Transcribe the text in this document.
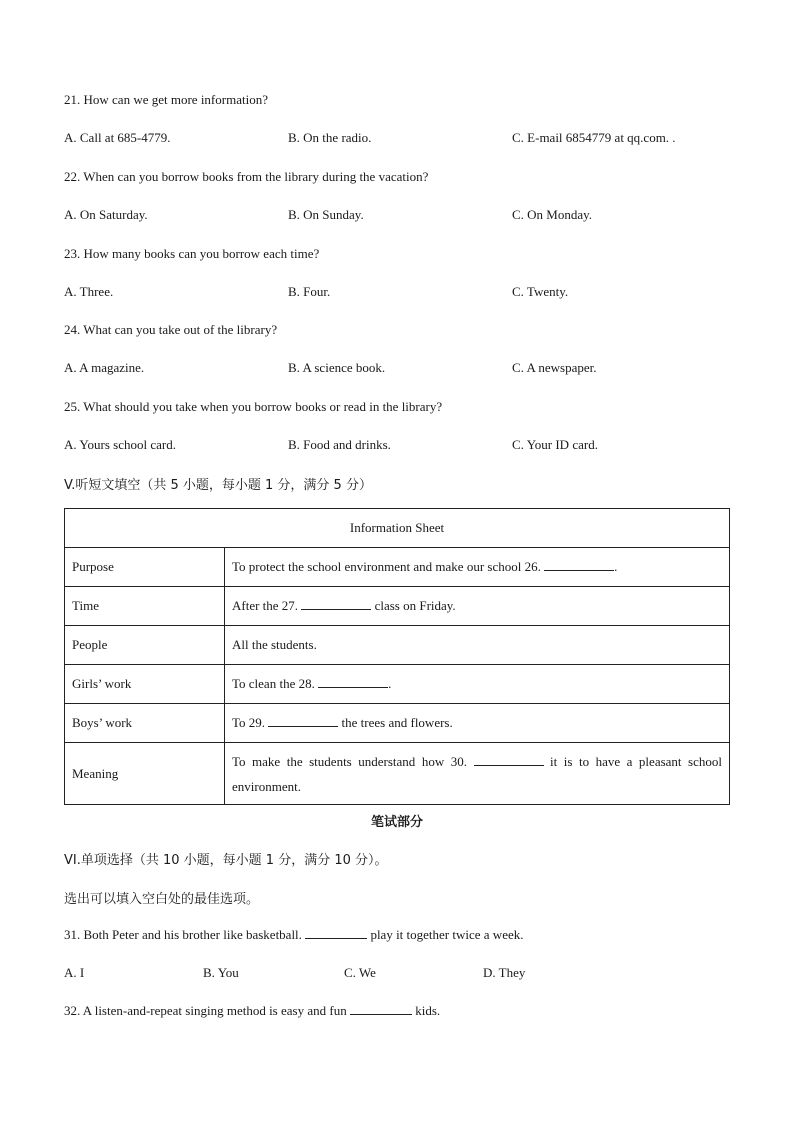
21. How can we get more information?
A. Call at 685-4779.	B. On the radio.	C. E-mail 6854779 at qq.com. .
22. When can you borrow books from the library during the vacation?
A. On Saturday.	B. On Sunday.	C. On Monday.
23. How many books can you borrow each time?
A. Three.	B. Four.	C. Twenty.
24. What can you take out of the library?
A. A magazine.	B. A science book.	C. A newspaper.
25. What should you take when you borrow books or read in the library?
A. Yours school card.	B. Food and drinks.	C. Your ID card.
V.听短文填空（共 5 小题，每小题 1 分，满分 5 分）
Information Sheet	
Purpose	To protect the school environment and make our school 26. .
Time	After the 27. class on Friday.
People	All the students.
Girls’ work	To clean the 28. .
Boys’ work	To 29. the trees and flowers.
Meaning	To make the students understand how 30. it is to have a pleasant school environment.
笔试部分
VI.单项选择（共 10 小题，每小题 1 分，满分 10 分）。
选出可以填入空白处的最佳选项。
31. Both Peter and his brother like basketball.	play it together twice a week.
A. I	B. You	C. We	D. They
32. A listen-and-repeat singing method is easy and fun	kids.
